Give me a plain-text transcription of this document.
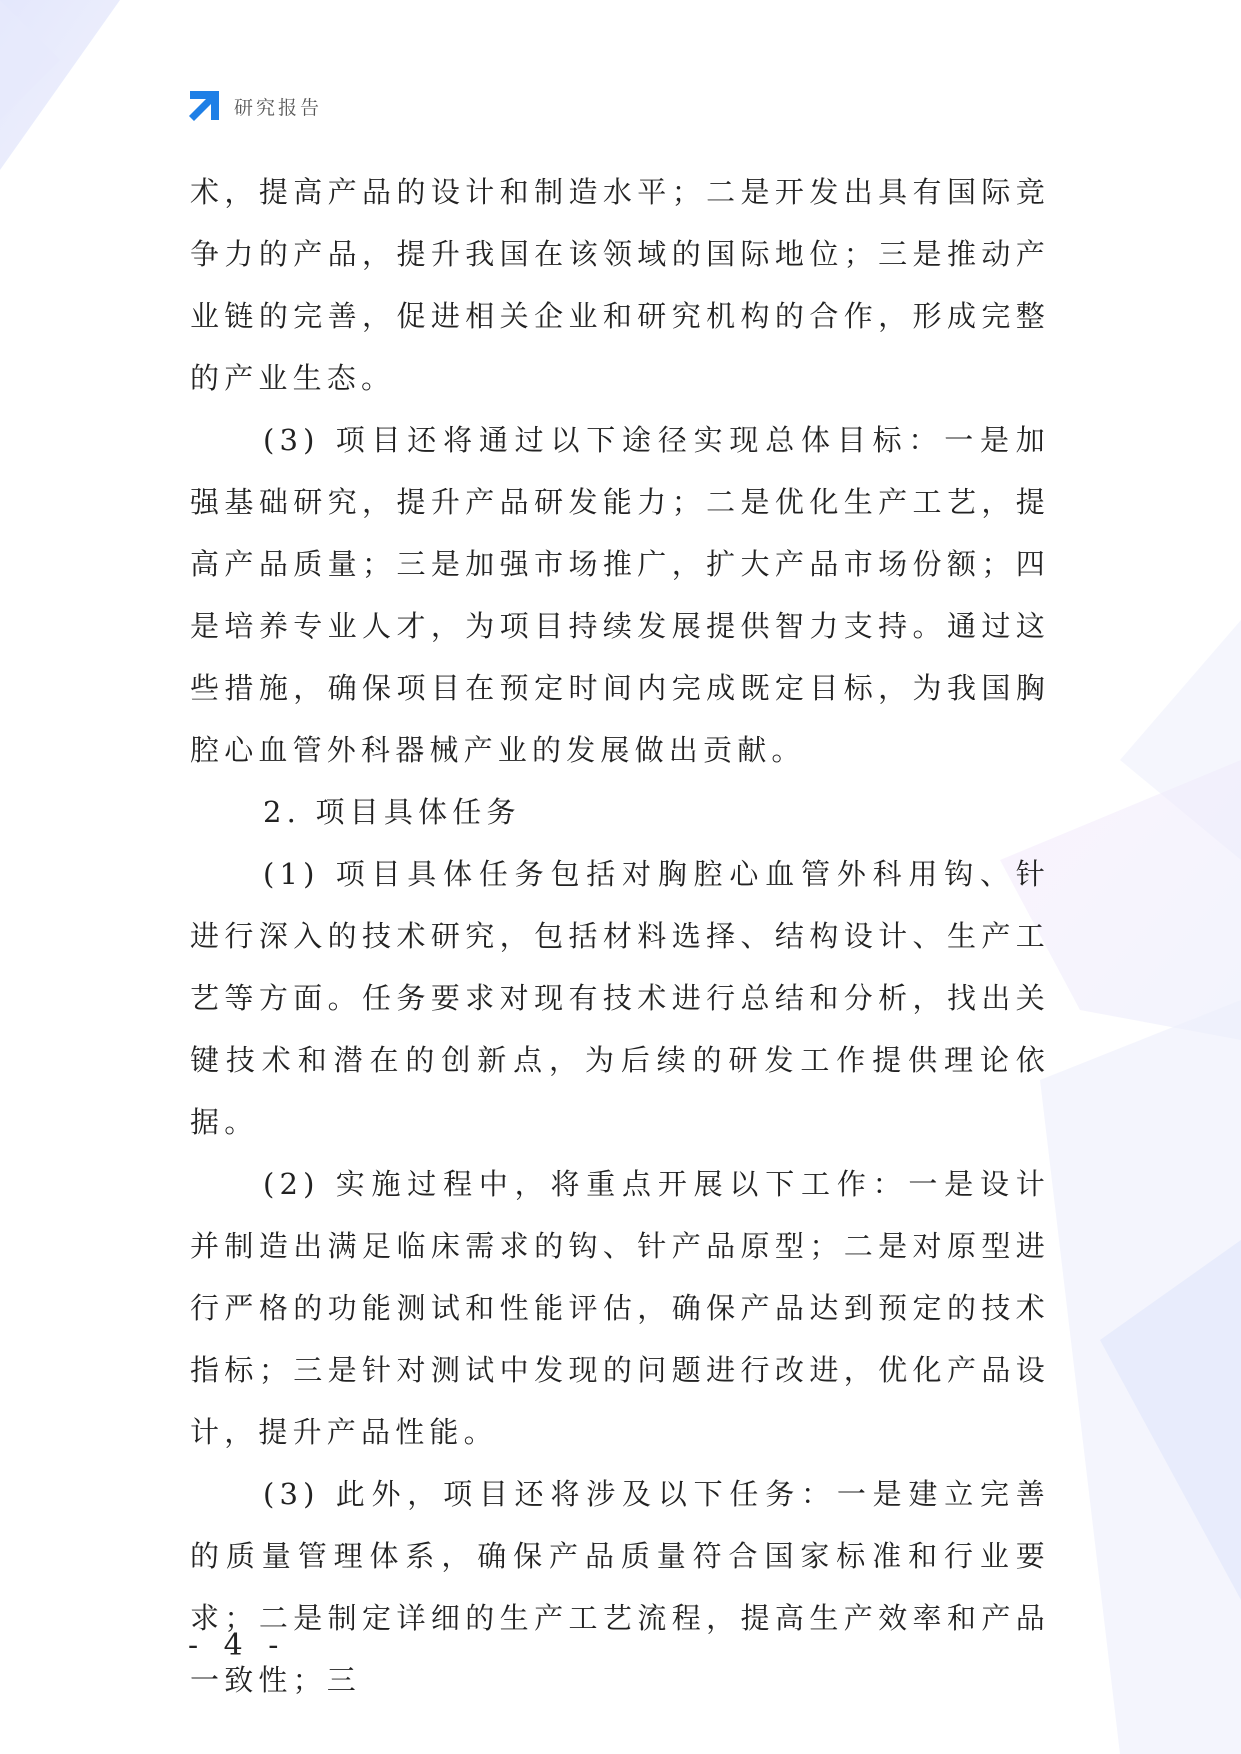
研究报告

术，提高产品的设计和制造水平；二是开发出具有国际竞争力的产品，提升我国在该领域的国际地位；三是推动产业链的完善，促进相关企业和研究机构的合作，形成完整的产业生态。

(3) 项目还将通过以下途径实现总体目标：一是加强基础研究，提升产品研发能力；二是优化生产工艺，提高产品质量；三是加强市场推广，扩大产品市场份额；四是培养专业人才，为项目持续发展提供智力支持。通过这些措施，确保项目在预定时间内完成既定目标，为我国胸腔心血管外科器械产业的发展做出贡献。

2. 项目具体任务

(1) 项目具体任务包括对胸腔心血管外科用钩、针进行深入的技术研究，包括材料选择、结构设计、生产工艺等方面。任务要求对现有技术进行总结和分析，找出关键技术和潜在的创新点，为后续的研发工作提供理论依据。

(2) 实施过程中，将重点开展以下工作：一是设计并制造出满足临床需求的钩、针产品原型；二是对原型进行严格的功能测试和性能评估，确保产品达到预定的技术指标；三是针对测试中发现的问题进行改进，优化产品设计，提升产品性能。

(3) 此外，项目还将涉及以下任务：一是建立完善的质量管理体系，确保产品质量符合国家标准和行业要求；二是制定详细的生产工艺流程，提高生产效率和产品一致性；三

- 4 -
